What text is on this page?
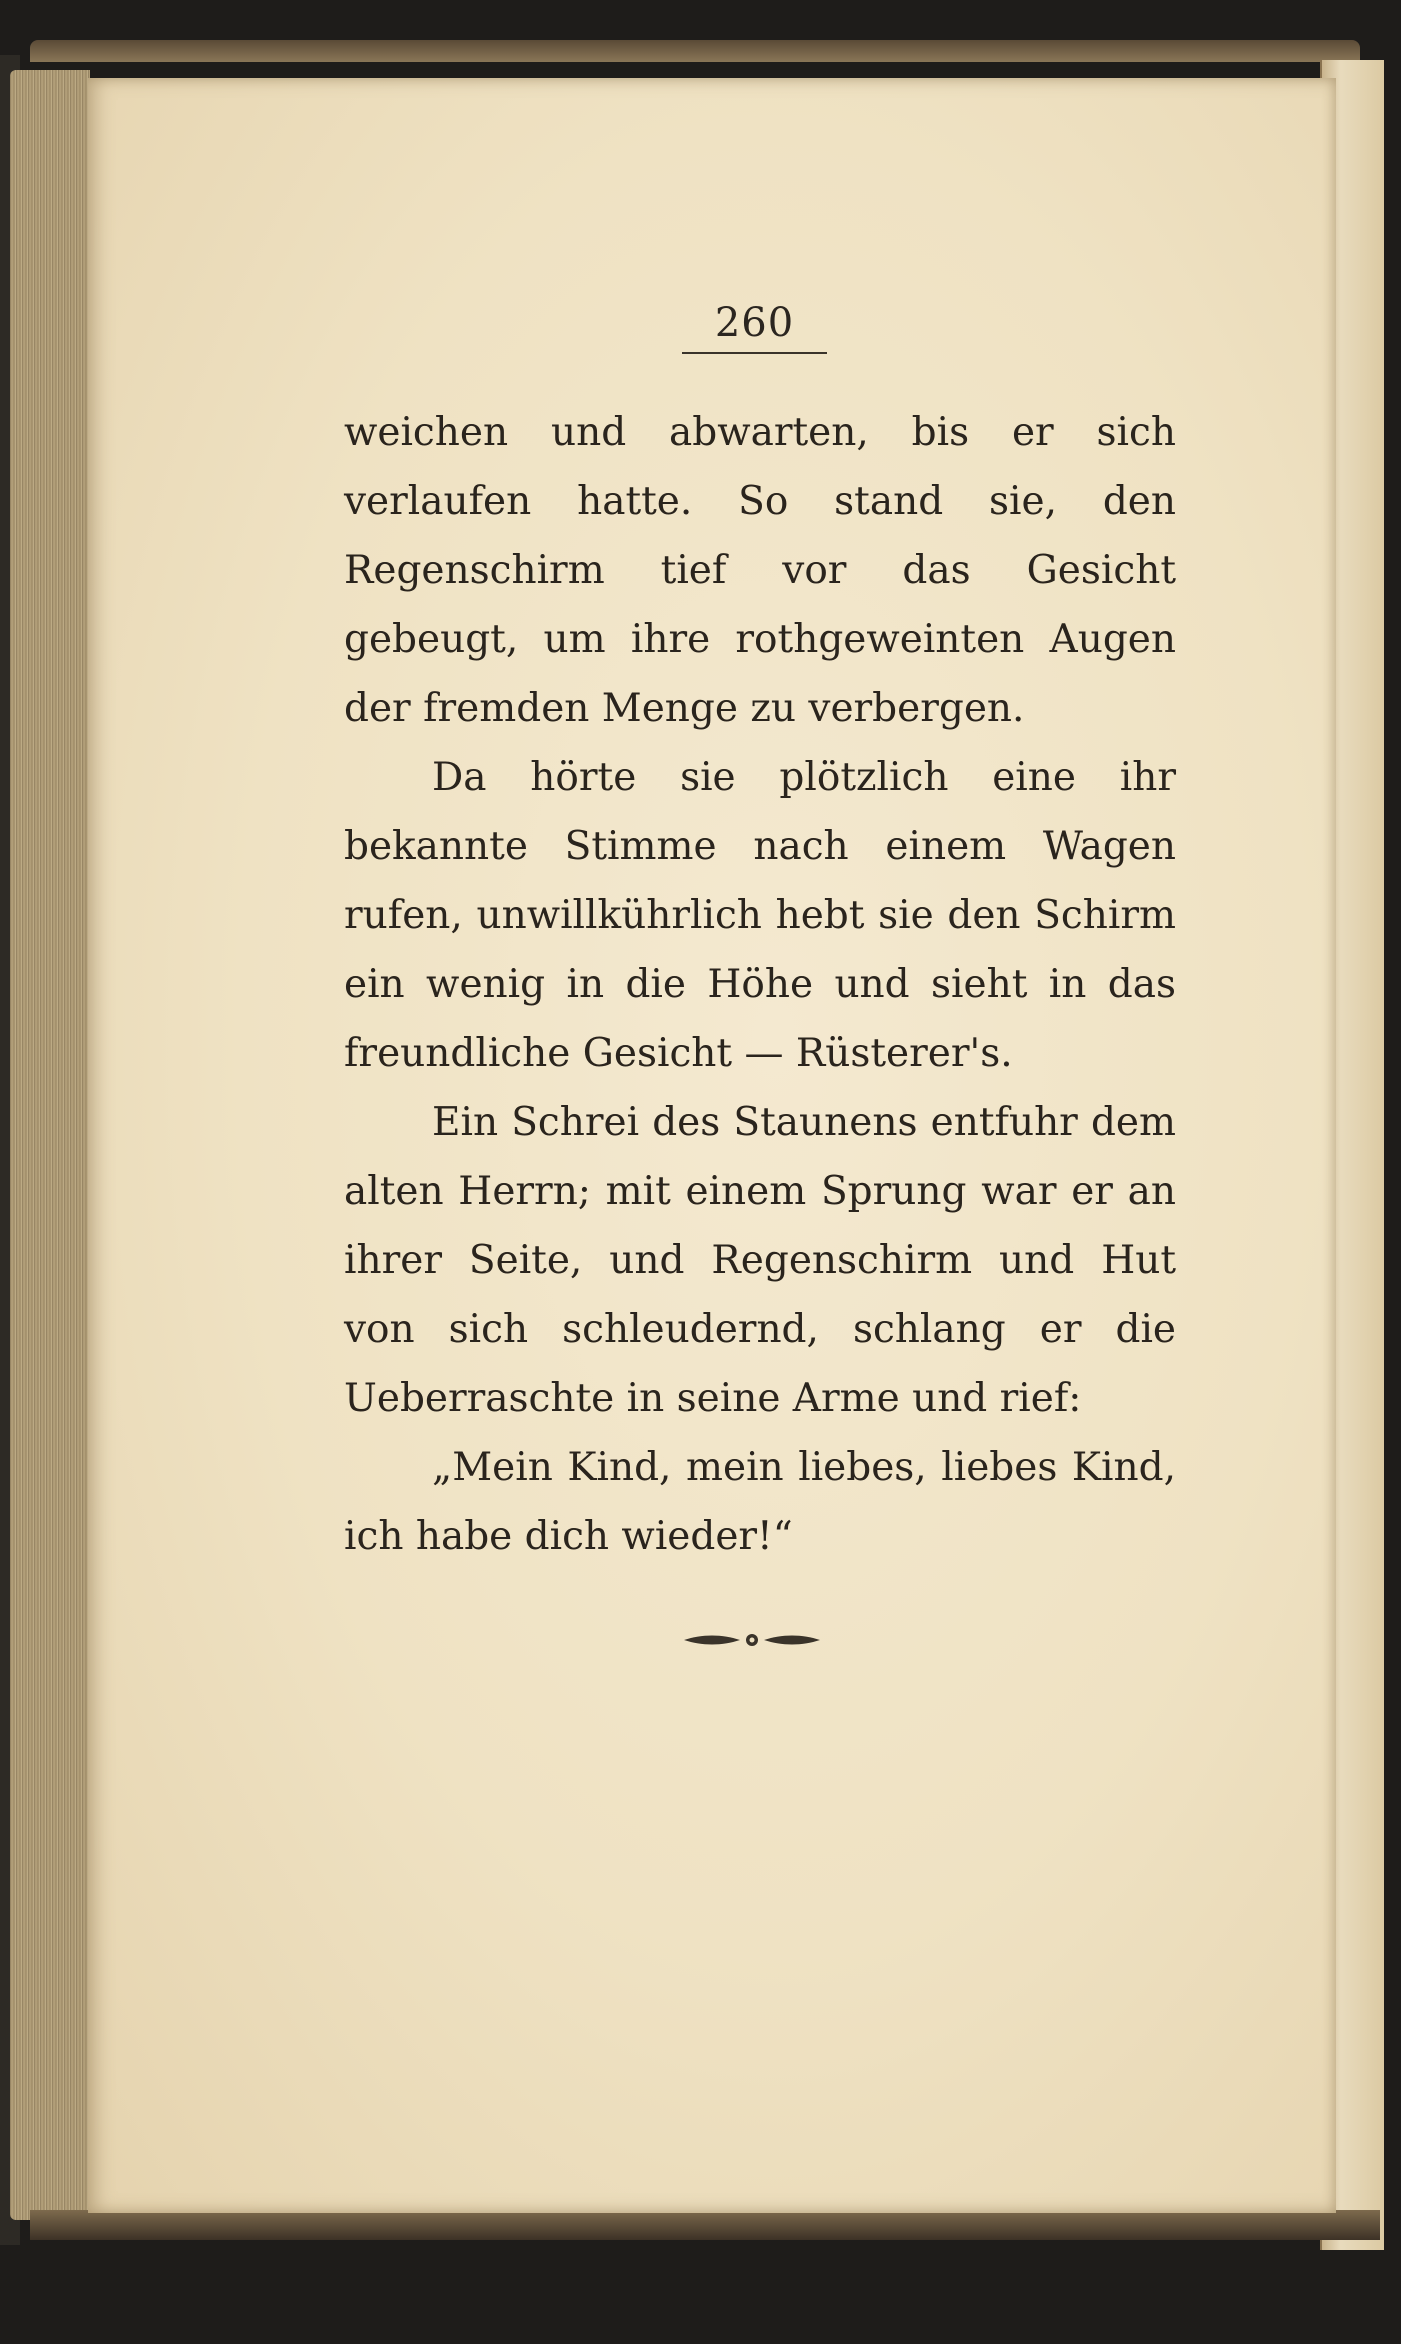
260

weichen und abwarten, bis er sich verlaufen hatte. So stand sie, den Regenschirm tief vor das Gesicht gebeugt, um ihre rothgeweinten Augen der fremden Menge zu verbergen.

Da hörte sie plötzlich eine ihr bekannte Stimme nach einem Wagen rufen, unwillkührlich hebt sie den Schirm ein wenig in die Höhe und sieht in das freundliche Gesicht — Rüsterer's.

Ein Schrei des Staunens entfuhr dem alten Herrn; mit einem Sprung war er an ihrer Seite, und Regenschirm und Hut von sich schleudernd, schlang er die Ueberraschte in seine Arme und rief:

„Mein Kind, mein liebes, liebes Kind, ich habe dich wieder!“
